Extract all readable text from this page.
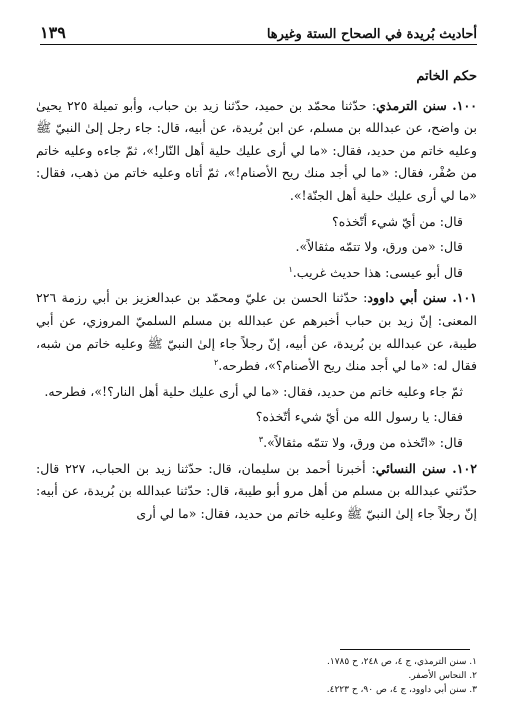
أحاديث بُريدة في الصحاح الستة وغيرها
١٣٩

حكم الخاتم

١٠٠. سنن الترمذي: حدّثنا محمّد بن حميد، حدّثنا زيد بن حباب، وأبو تميلة ٢٢٥ يحيىٰ بن واضح، عن عبدالله بن مسلم، عن ابن بُريدة، عن أبيه، قال: جاء رجل إلىٰ النبيّ ﷺ وعليه خاتم من حديد، فقال: «ما لي أرى عليك حلية أهل النّار!»، ثمّ جاءه وعليه خاتم من صُفْر، فقال: «ما لي أجد منك ريح الأصنام!»، ثمّ أتاه وعليه خاتم من ذهب، فقال: «ما لي أرى عليك حلية أهل الجنّة!».

قال: من أيّ شيء أتّخذه؟

قال: «من ورق، ولا تتمّه مثقالاً».

قال أبو عيسى: هذا حديث غريب.$^١$

١٠١. سنن أبي داوود: حدّثنا الحسن بن عليّ ومحمّد بن عبدالعزيز بن أبي رزمة ٢٢٦ المعنى: إنّ زيد بن حباب أخبرهم عن عبدالله بن مسلم السلميّ المروزي، عن أبي طيبة، عن عبدالله بن بُريدة، عن أبيه، إنّ رجلاً جاء إلىٰ النبيّ ﷺ وعليه خاتم من شبه، فقال له: «ما لي أجد منك ريح الأصنام؟»، فطرحه.$^٢$

ثمّ جاء وعليه خاتم من حديد، فقال: «ما لي أرى عليك حلية أهل النار؟!»، فطرحه.

فقال: يا رسول الله من أيّ شيء أتّخذه؟

قال: «اتّخذه من ورق، ولا تتمّه مثقالاً».$^٣$

١٠٢. سنن النسائي: أخبرنا أحمد بن سليمان، قال: حدّثنا زيد بن الحباب، ٢٢٧ قال: حدّثني عبدالله بن مسلم من أهل مرو أبو طيبة، قال: حدّثنا عبدالله بن بُريدة، عن أبيه: إنّ رجلاً جاء إلىٰ النبيّ ﷺ وعليه خاتم من حديد، فقال: «ما لي أرى

١. سنن الترمذي، ج ٤، ص ٢٤٨، ح ١٧٨٥.
٢. النحاس الأصفر.
٣. سنن أبي داوود، ج ٤، ص ٩٠، ح ٤٢٢٣.
